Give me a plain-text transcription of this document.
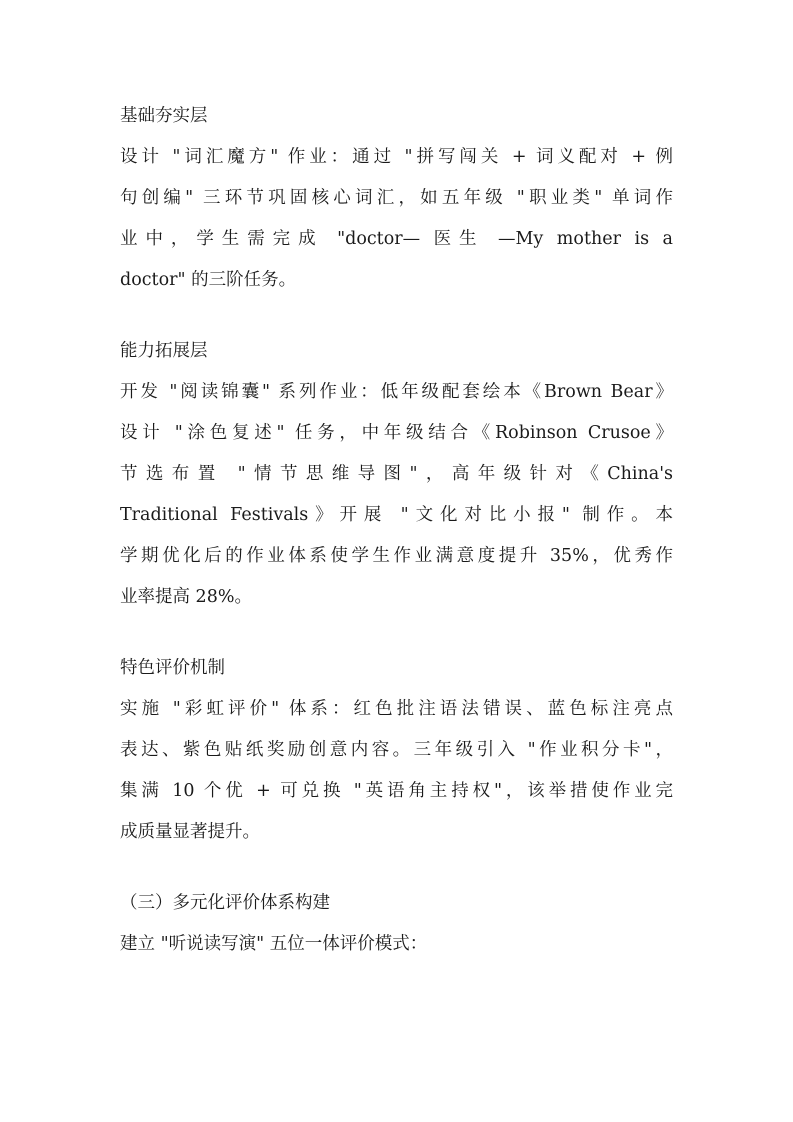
基础夯实层
设计 "词汇魔方" 作业：通过 "拼写闯关 + 词义配对 + 例
句创编" 三环节巩固核心词汇，如五年级 "职业类" 单词作
业中，学生需完成 "doctor— 医生 —My mother is a
doctor" 的三阶任务。
能力拓展层
开发 "阅读锦囊" 系列作业：低年级配套绘本《Brown Bear》
设计 "涂色复述" 任务，中年级结合《Robinson Crusoe》
节选布置 "情节思维导图"，高年级针对《China's
Traditional Festivals》开展 "文化对比小报" 制作。本
学期优化后的作业体系使学生作业满意度提升 35%，优秀作
业率提高 28%。
特色评价机制
实施 "彩虹评价" 体系：红色批注语法错误、蓝色标注亮点
表达、紫色贴纸奖励创意内容。三年级引入 "作业积分卡"，
集满 10 个优 + 可兑换 "英语角主持权"，该举措使作业完
成质量显著提升。
（三）多元化评价体系构建
建立 "听说读写演" 五位一体评价模式：
